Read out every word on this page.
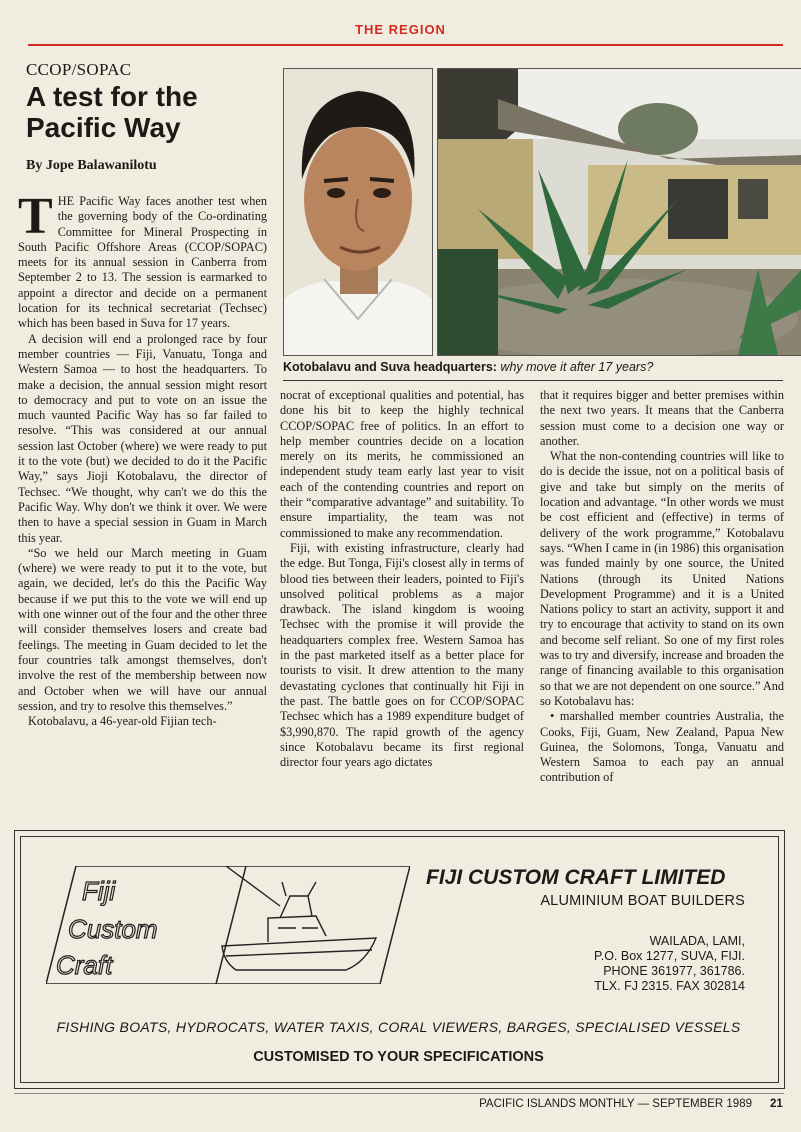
THE REGION
CCOP/SOPAC
A test for the Pacific Way
By Jope Balawanilotu

THE Pacific Way faces another test when the governing body of the Co-ordinating Committee for Mineral Prospecting in South Pacific Offshore Areas (CCOP/SOPAC) meets for its annual session in Canberra from September 2 to 13. The session is earmarked to appoint a director and decide on a permanent location for its technical secretariat (Techsec) which has been based in Suva for 17 years.

A decision will end a prolonged race by four member countries — Fiji, Vanuatu, Tonga and Western Samoa — to host the headquarters. To make a decision, the annual session might resort to democracy and put to vote on an issue the much vaunted Pacific Way has so far failed to resolve. “This was considered at our annual session last October (where) we were ready to put it to the vote (but) we decided to do it the Pacific Way,” says Jioji Kotobalavu, the director of Techsec. “We thought, why can't we do this the Pacific Way. Why don't we think it over. We were then to have a special session in Guam in March this year.

“So we held our March meeting in Guam (where) we were ready to put it to the vote, but again, we decided, let's do this the Pacific Way because if we put this to the vote we will end up with one winner out of the four and the other three will consider themselves losers and create bad feelings. The meeting in Guam decided to let the four countries talk amongst themselves, don't involve the rest of the membership between now and October when we will have our annual session, and try to resolve this themselves.”

Kotobalavu, a 46-year-old Fijian tech-

Kotobalavu and Suva headquarters: why move it after 17 years?

nocrat of exceptional qualities and potential, has done his bit to keep the highly technical CCOP/SOPAC free of politics. In an effort to help member countries decide on a location merely on its merits, he commissioned an independent study team early last year to visit each of the contending countries and report on their “comparative advantage” and suitability. To ensure impartiality, the team was not commissioned to make any recommendation.

Fiji, with existing infrastructure, clearly had the edge. But Tonga, Fiji's closest ally in terms of blood ties between their leaders, pointed to Fiji's unsolved political problems as a major drawback. The island kingdom is wooing Techsec with the promise it will provide the headquarters complex free. Western Samoa has in the past marketed itself as a better place for tourists to visit. It drew attention to the many devastating cyclones that continually hit Fiji in the past. The battle goes on for CCOP/SOPAC Techsec which has a 1989 expenditure budget of $3,990,870. The rapid growth of the agency since Kotobalavu became its first regional director four years ago dictates

that it requires bigger and better premises within the next two years. It means that the Canberra session must come to a decision one way or another.

What the non-contending countries will like to do is decide the issue, not on a political basis of give and take but simply on the merits of location and advantage. “In other words we must be cost efficient and (effective) in terms of delivery of the work programme,” Kotobalavu says. “When I came in (in 1986) this organisation was funded mainly by one source, the United Nations (through its United Nations Development Programme) and it is a United Nations policy to start an activity, support it and try to encourage that activity to stand on its own and become self reliant. So one of my first roles was to try and diversify, increase and broaden the range of financing available to this organisation so that we are not dependent on one source.” And so Kotobalavu has:

• marshalled member countries Australia, the Cooks, Fiji, Guam, New Zealand, Papua New Guinea, the Solomons, Tonga, Vanuatu and Western Samoa to each pay an annual contribution of

Fiji
Custom
Craft
FIJI CUSTOM CRAFT LIMITED
ALUMINIUM BOAT BUILDERS
WAILADA, LAMI,
P.O. Box 1277, SUVA, FIJI.
PHONE 361977, 361786.
TLX. FJ 2315. FAX 302814
FISHING BOATS, HYDROCATS, WATER TAXIS, CORAL VIEWERS, BARGES, SPECIALISED VESSELS
CUSTOMISED TO YOUR SPECIFICATIONS
PACIFIC ISLANDS MONTHLY — SEPTEMBER 1989 21
